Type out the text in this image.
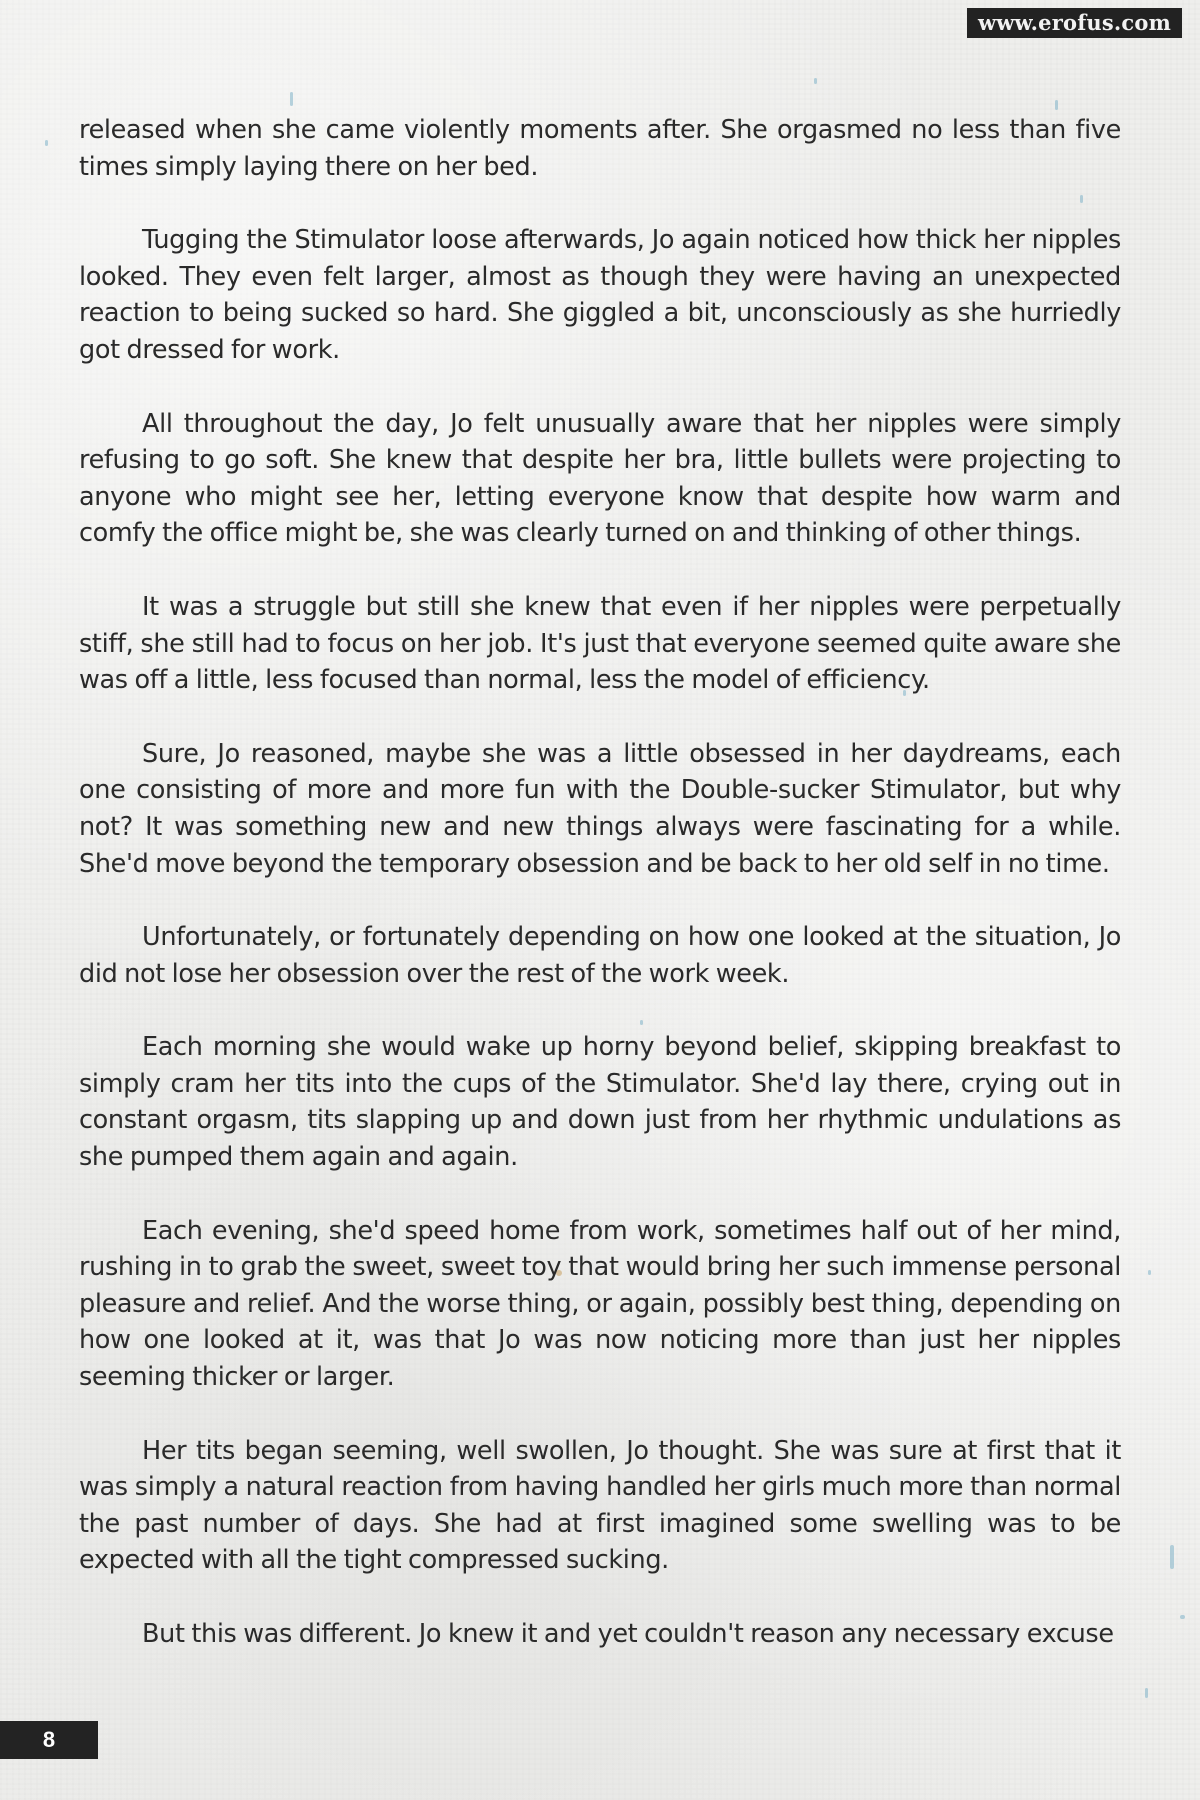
www.erofus.com

released when she came violently moments after. She orgasmed no less than five times simply laying there on her bed.

Tugging the Stimulator loose afterwards, Jo again noticed how thick her nipples looked. They even felt larger, almost as though they were having an unexpected reaction to being sucked so hard. She giggled a bit, unconsciously as she hurriedly got dressed for work.

All throughout the day, Jo felt unusually aware that her nipples were simply refusing to go soft. She knew that despite her bra, little bullets were projecting to anyone who might see her, letting everyone know that despite how warm and comfy the office might be, she was clearly turned on and thinking of other things.

It was a struggle but still she knew that even if her nipples were perpetually stiff, she still had to focus on her job. It's just that everyone seemed quite aware she was off a little, less focused than normal, less the model of efficiency.

Sure, Jo reasoned, maybe she was a little obsessed in her daydreams, each one consisting of more and more fun with the Double-sucker Stimulator, but why not? It was something new and new things always were fascinating for a while. She'd move beyond the temporary obsession and be back to her old self in no time.

Unfortunately, or fortunately depending on how one looked at the situation, Jo did not lose her obsession over the rest of the work week.

Each morning she would wake up horny beyond belief, skipping breakfast to simply cram her tits into the cups of the Stimulator. She'd lay there, crying out in constant orgasm, tits slapping up and down just from her rhythmic undulations as she pumped them again and again.

Each evening, she'd speed home from work, sometimes half out of her mind, rushing in to grab the sweet, sweet toy that would bring her such immense personal pleasure and relief. And the worse thing, or again, possibly best thing, depending on how one looked at it, was that Jo was now noticing more than just her nipples seeming thicker or larger.

Her tits began seeming, well swollen, Jo thought. She was sure at first that it was simply a natural reaction from having handled her girls much more than normal the past number of days. She had at first imagined some swelling was to be expected with all the tight compressed sucking.

But this was different. Jo knew it and yet couldn't reason any necessary excuse

8
